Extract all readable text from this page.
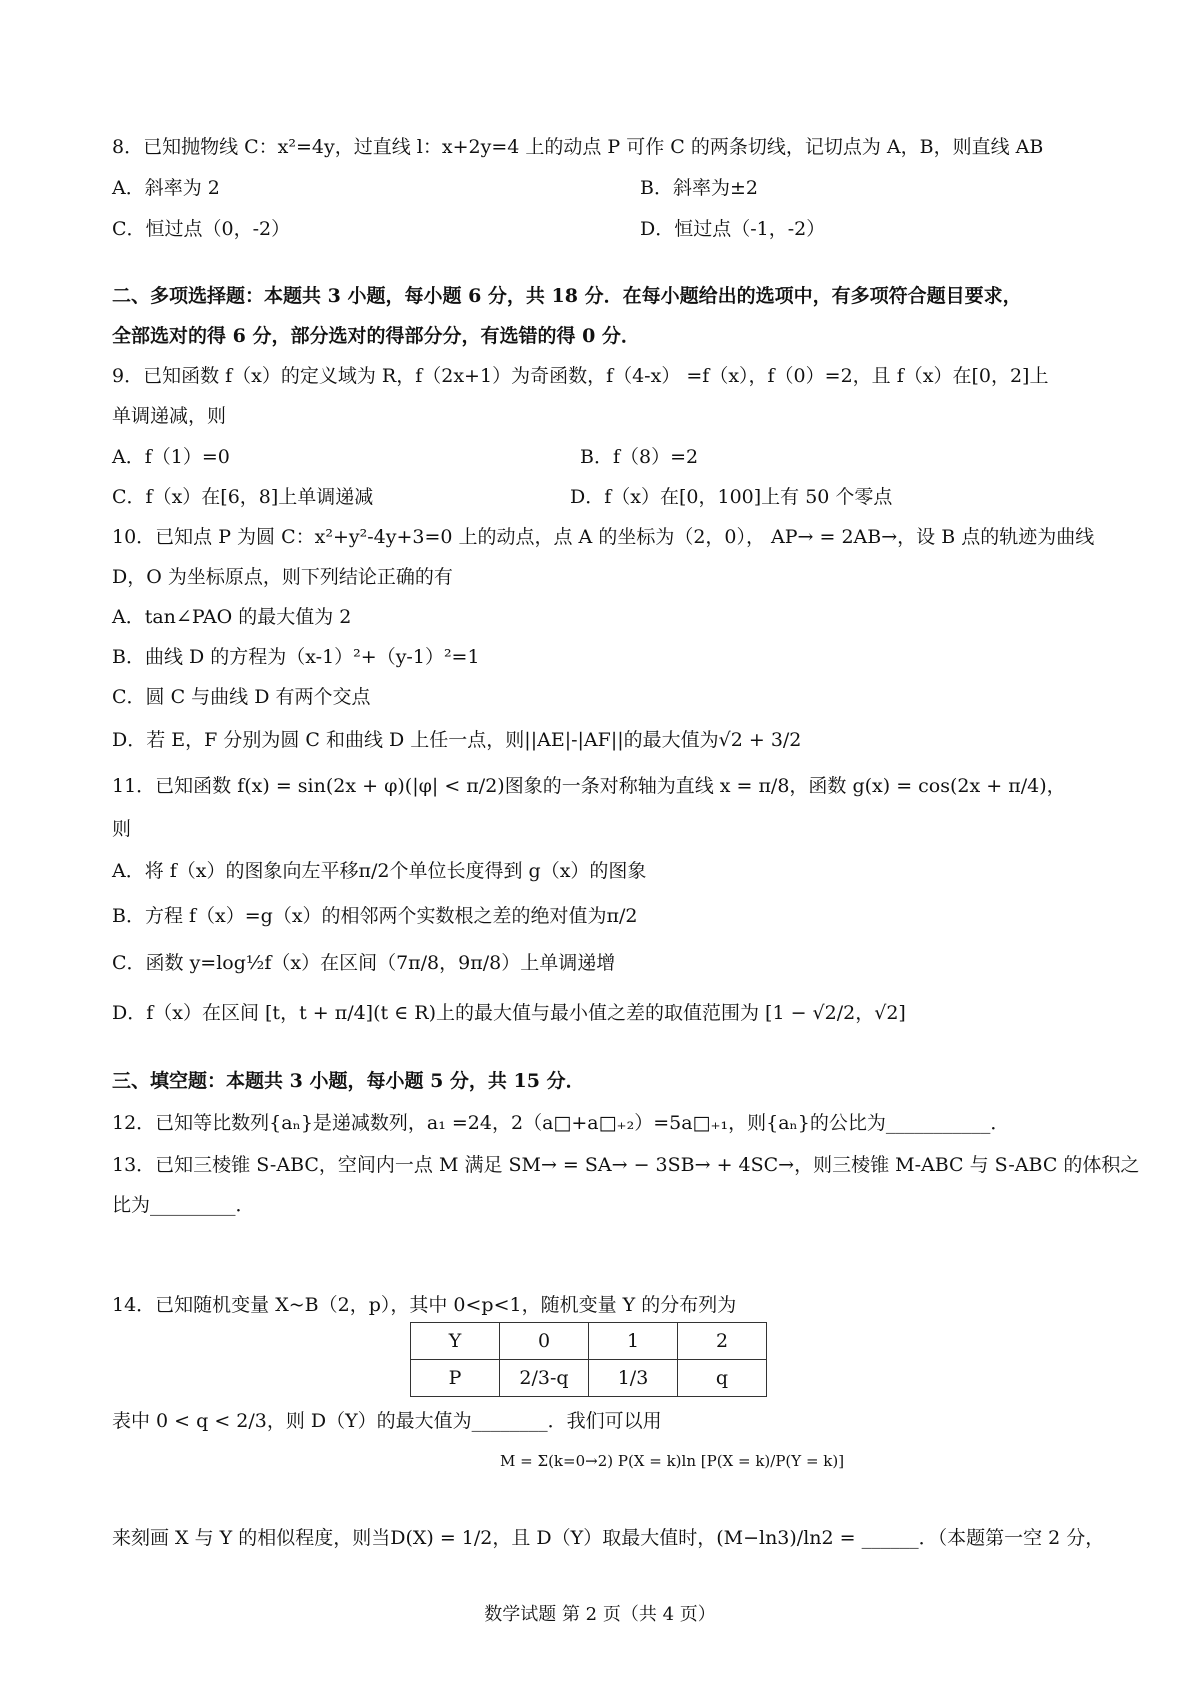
8．已知抛物线 C：x²=4y，过直线 l：x+2y=4 上的动点 P 可作 C 的两条切线，记切点为 A，B，则直线 AB
A．斜率为 2	B．斜率为±2
C．恒过点（0，-2）	D．恒过点（-1，-2）
二、多项选择题：本题共 3 小题，每小题 6 分，共 18 分．在每小题给出的选项中，有多项符合题目要求，
全部选对的得 6 分，部分选对的得部分分，有选错的得 0 分．
9．已知函数 f（x）的定义域为 R，f（2x+1）为奇函数，f（4-x） =f（x），f（0）=2，且 f（x）在[0，2]上
单调递减，则
A．f（1）=0	B．f（8）=2
C．f（x）在[6，8]上单调递减	D．f（x）在[0，100]上有 50 个零点
10．已知点 P 为圆 C：x²+y²-4y+3=0 上的动点，点 A 的坐标为（2，0）， AP→ = 2AB→，设 B 点的轨迹为曲线
D，O 为坐标原点，则下列结论正确的有
A．tan∠PAO 的最大值为 2
B．曲线 D 的方程为（x-1）²+（y-1）²=1
C．圆 C 与曲线 D 有两个交点
D．若 E，F 分别为圆 C 和曲线 D 上任一点，则||AE|-|AF||的最大值为√2 + 3/2
11．已知函数 f(x) = sin(2x + φ)(|φ| < π/2)图象的一条对称轴为直线 x = π/8，函数 g(x) = cos(2x + π/4)，
则
A．将 f（x）的图象向左平移π/2个单位长度得到 g（x）的图象
B．方程 f（x）=g（x）的相邻两个实数根之差的绝对值为π/2
C．函数 y=log½f（x）在区间（7π/8，9π/8）上单调递增
D．f（x）在区间 [t，t + π/4](t ∈ R)上的最大值与最小值之差的取值范围为 [1 − √2/2，√2]
三、填空题：本题共 3 小题，每小题 5 分，共 15 分．
12．已知等比数列{aₙ}是递减数列，a₁ =24，2（a□+a□₊₂）=5a□₊₁，则{aₙ}的公比为___________．
13．已知三棱锥 S-ABC，空间内一点 M 满足 SM→ = SA→ − 3SB→ + 4SC→，则三棱锥 M-ABC 与 S-ABC 的体积之
比为_________．
14．已知随机变量 X~B（2，p），其中 0<p<1，随机变量 Y 的分布列为
Y	0	1	2
P	2/3-q	1/3	q
表中 0 < q < 2/3，则 D（Y）的最大值为________．我们可以用
M = Σ(k=0→2) P(X = k)ln [P(X = k)/P(Y = k)]
来刻画 X 与 Y 的相似程度，则当D(X) = 1/2，且 D（Y）取最大值时，(M−ln3)/ln2 = ______．（本题第一空 2 分，
数学试题 第 2 页（共 4 页）
